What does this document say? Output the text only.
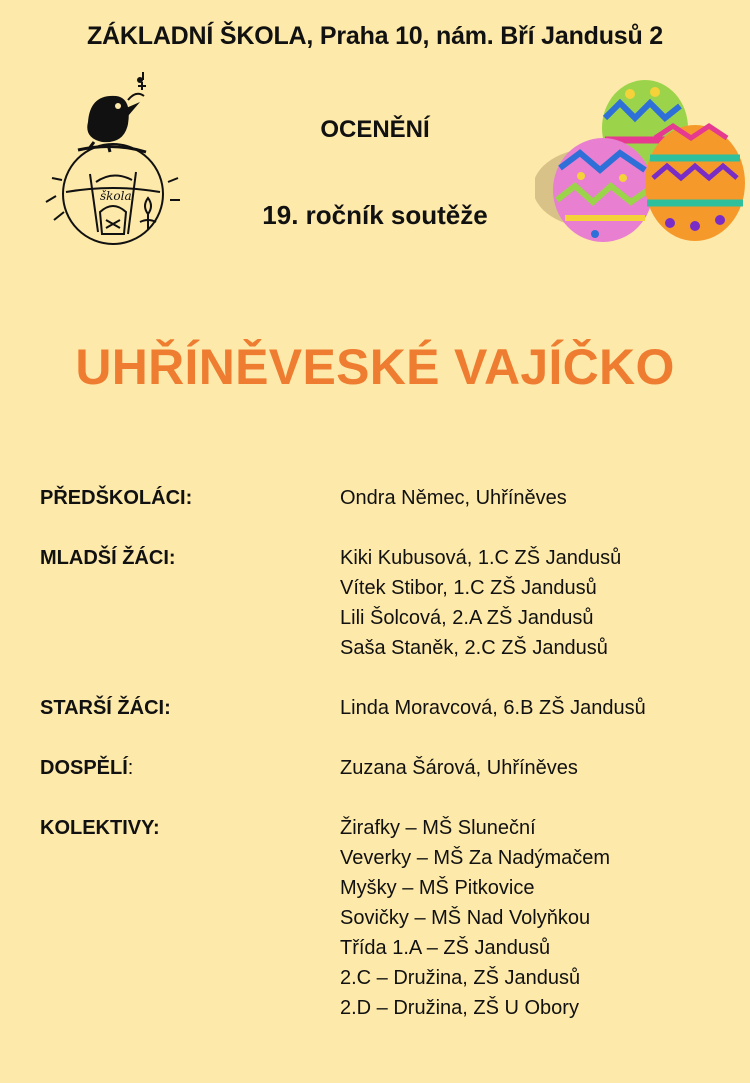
ZÁKLADNÍ ŠKOLA, Praha 10, nám. Bří Jandusů 2
škola
OCENĚNÍ
19. ročník soutěže
UHŘÍNĚVESKÉ VAJÍČKO
PŘEDŠKOLÁCI:	Ondra Němec, Uhříněves
MLADŠÍ ŽÁCI:	Kiki Kubusová, 1.C ZŠ Jandusů
Vítek Stibor, 1.C ZŠ Jandusů
Lili Šolcová, 2.A ZŠ Jandusů
Saša Staněk, 2.C ZŠ Jandusů
STARŠÍ ŽÁCI:	Linda Moravcová, 6.B ZŠ Jandusů
DOSPĚLÍ:	Zuzana Šárová, Uhříněves
KOLEKTIVY:	Žirafky – MŠ Sluneční
Veverky – MŠ Za Nadýmačem
Myšky – MŠ Pitkovice
Sovičky – MŠ Nad Volyňkou
Třída 1.A – ZŠ Jandusů
2.C – Družina, ZŠ Jandusů
2.D – Družina, ZŠ U Obory
